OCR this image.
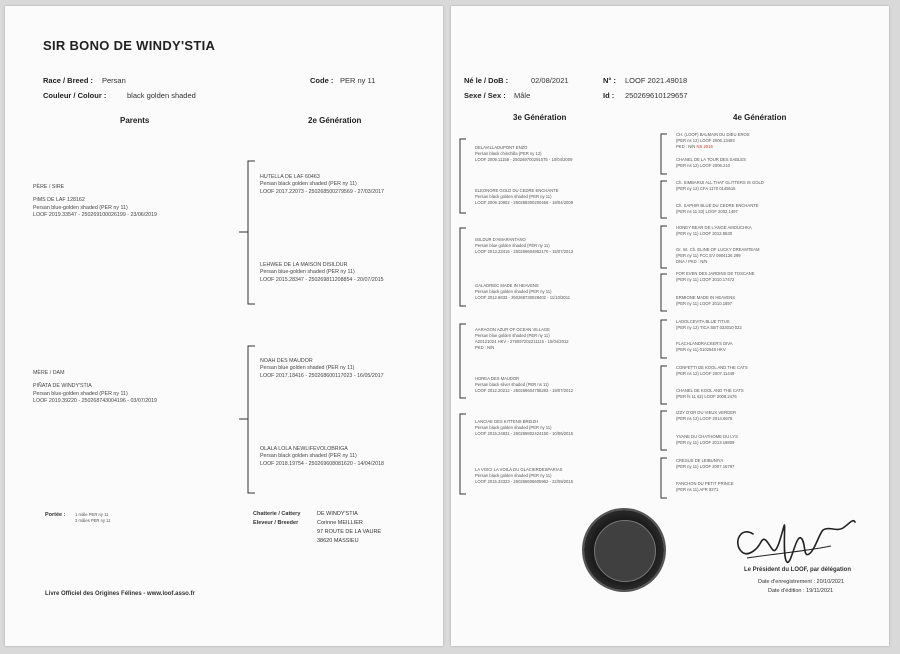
SIR BONO DE WINDY'STIA
Race / Breed : Persan
Couleur / Colour :	black golden shaded
Code : PER ny 11
Parents	2e Génération
PÈRE / SIRE
PiMS DE LAF 128162
Persan blue-golden shaded (PER ny 11)
LOOF 2019.33547 - 250269100026199 - 23/06/2019
MÈRE / DAM
PIÑATA DE WINDY'STIA
Persan blue-golden shaded (PER ny 11)
LOOF 2019.39220 - 250268743004196 - 03/07/2019
HUTELLA DE LAF 60463
Persan black golden shaded (PER ny 11)
LOOF 2017.22073 - 250268500279569 - 27/03/2017
LEHWEE DE LA MAISON DISILDUR
Persan blue-golden shaded (PER ny 11)
LOOF 2015.28347 - 250269811208854 - 20/07/2015
NOAH DES MAUDOR
Persan blue golden shaded (PER ny 11)
LOOF 2017.18416 - 250268600117023 - 16/05/2017
OLALA LOLA NEWLIFEVOLOBRIGA
Persan black golden shaded (PER ny 11)
LOOF 2018.19754 - 250269608081620 - 14/04/2018
Portée : 1 mâle PER ny 11
3 mâles PER ny 11
Chatterie / Cattery
Eleveur / Breeder
DE WINDY'STIA
Corinne MEILLIER
97 ROUTE DE LA VAURE
38620 MASSIEU
Livre Officiel des Origines Félines - www.loof.asso.fr
Né le / DoB :	02/08/2021
Sexe / Sex : Mâle
N° : LOOF 2021.49018
Id : 250269610129657
3e Génération	4e Génération
DELAVILLADUPONT ENZO
Persan black chinchilla (PER ny 12)
LOOF 2009.11158 - 250269700291075 - 10/04/2009
ELEONORE GOLD DU CEDRE ENCHANTE
Persan black golden shaded (PER ny 11)
LOOF 2009.10902 - 250268300200456 - 18/04/2009
ISILDUR D'AMARANTANO
Persan blue golden shaded (PER ny 11)
LOOF 2013.23416 - 250269604952170 - 15/07/2013
GALADRIEC MADE IN HEAVENS
Persan black golden shaded (PER ny 11)
LOOF 2012.6833 - 250268730028402 - 11/10/2011
AARAGON AZUR OF OCEAN VILLAGE
Persan blue golden shaded (PER ny 11)
A20121024 HKV - 276097202211115 - 15/04/2012
PKD : N/N
HOREA DES MAUDOR
Persan black silver shaded (PER ns 11)
LOOF 2012.20212 - 250269604758283 - 19/07/2012
LANCIAE DES KITTENS BREIZH
Persan black golden shaded (PER ny 11)
LOOF 2015.24831 - 250269802424150 - 10/06/2015
LA VOICI LA VOILÀ DU GLACIERDESPARIAS
Persan black golden shaded (PER ny 11)
LOOF 2015.33323 - 250269606605962 - 22/09/2015
CH. (LOOF) BALMAIN DU DIEU EROS
(PER ns 12) LOOF 2006.13493
PKD : N/N NS 2016
CHANEL DE LA TOUR DES SABLES
(PER ns 12) LOOF 2006.210
Ch. SIMBARIJI ALL THAT GLITTERS IS GOLD
(PER ny 12) CFA 1170 0145515
Ch. SAPHIR BLUE DU CEDRE ENCHANTE
(PER ns 11 33) LOOF 2002.1497
HONEY BEAR DE L'ANGE AMOUCHKA
(PER ny 11) LOOF 2012.8530
Gr. Int. Ch. ELINE OF LUCKY DREAMTEAM
(PER ny 11) FCC EV 0904126 299
DNA / PKD : N/N
FOR EVEN DES JARDINS DE TOSCANE
(PER ny 11) LOOF 2010.17472
ERMIONE MADE IN HEAVENS
(PER ny 11) LOOF 2010.1697
LADOLCEVITA BLUE TITUS
(PER ny 12) TICA SBT 033010 022
FLACHLANDRACKER'S DIVA
(PER ny 11) 0102548 HKV
CONFETTI DE KOOL AND THE CATS
(PER ns 12) LOOF 2007.11449
CHANEL DE KOOL AND THE CATS
(PER fs 11 62) LOOF 2008.2476
IZZY D'OR DU VIEUX VERGER
(PER ns 12) LOOF 2014.6678
YVANE DU CHATHOME DU LYS
(PER ny 11) LOOF 2013.19809
CRESUS DE LEIBUNIYA
(PER ny 11) LOOF 2007.16797
FANCHON DU PETIT PRINCE
(PER ns 11) AFR 9271
Le Président du LOOF, par délégation
Date d'enregistrement : 20/10/2021
Date d'édition : 19/11/2021
